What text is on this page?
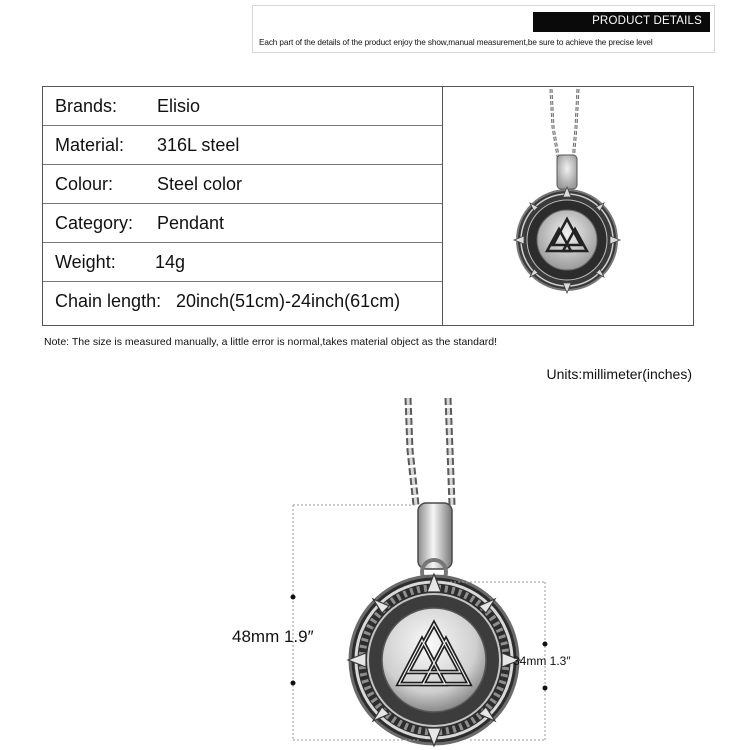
PRODUCT DETAILS
Each part of the details of the product enjoy the show,manual measurement,be sure to achieve the precise level
Brands: Elisio
Material: 316L steel
Colour: Steel color
Category: Pendant
Weight: 14g
Chain length: 20inch(51cm)-24inch(61cm)
Note: The size is measured manually, a little error is normal,takes material object as the standard!
Units:millimeter(inches)
48mm 1.9″
34mm 1.3″
